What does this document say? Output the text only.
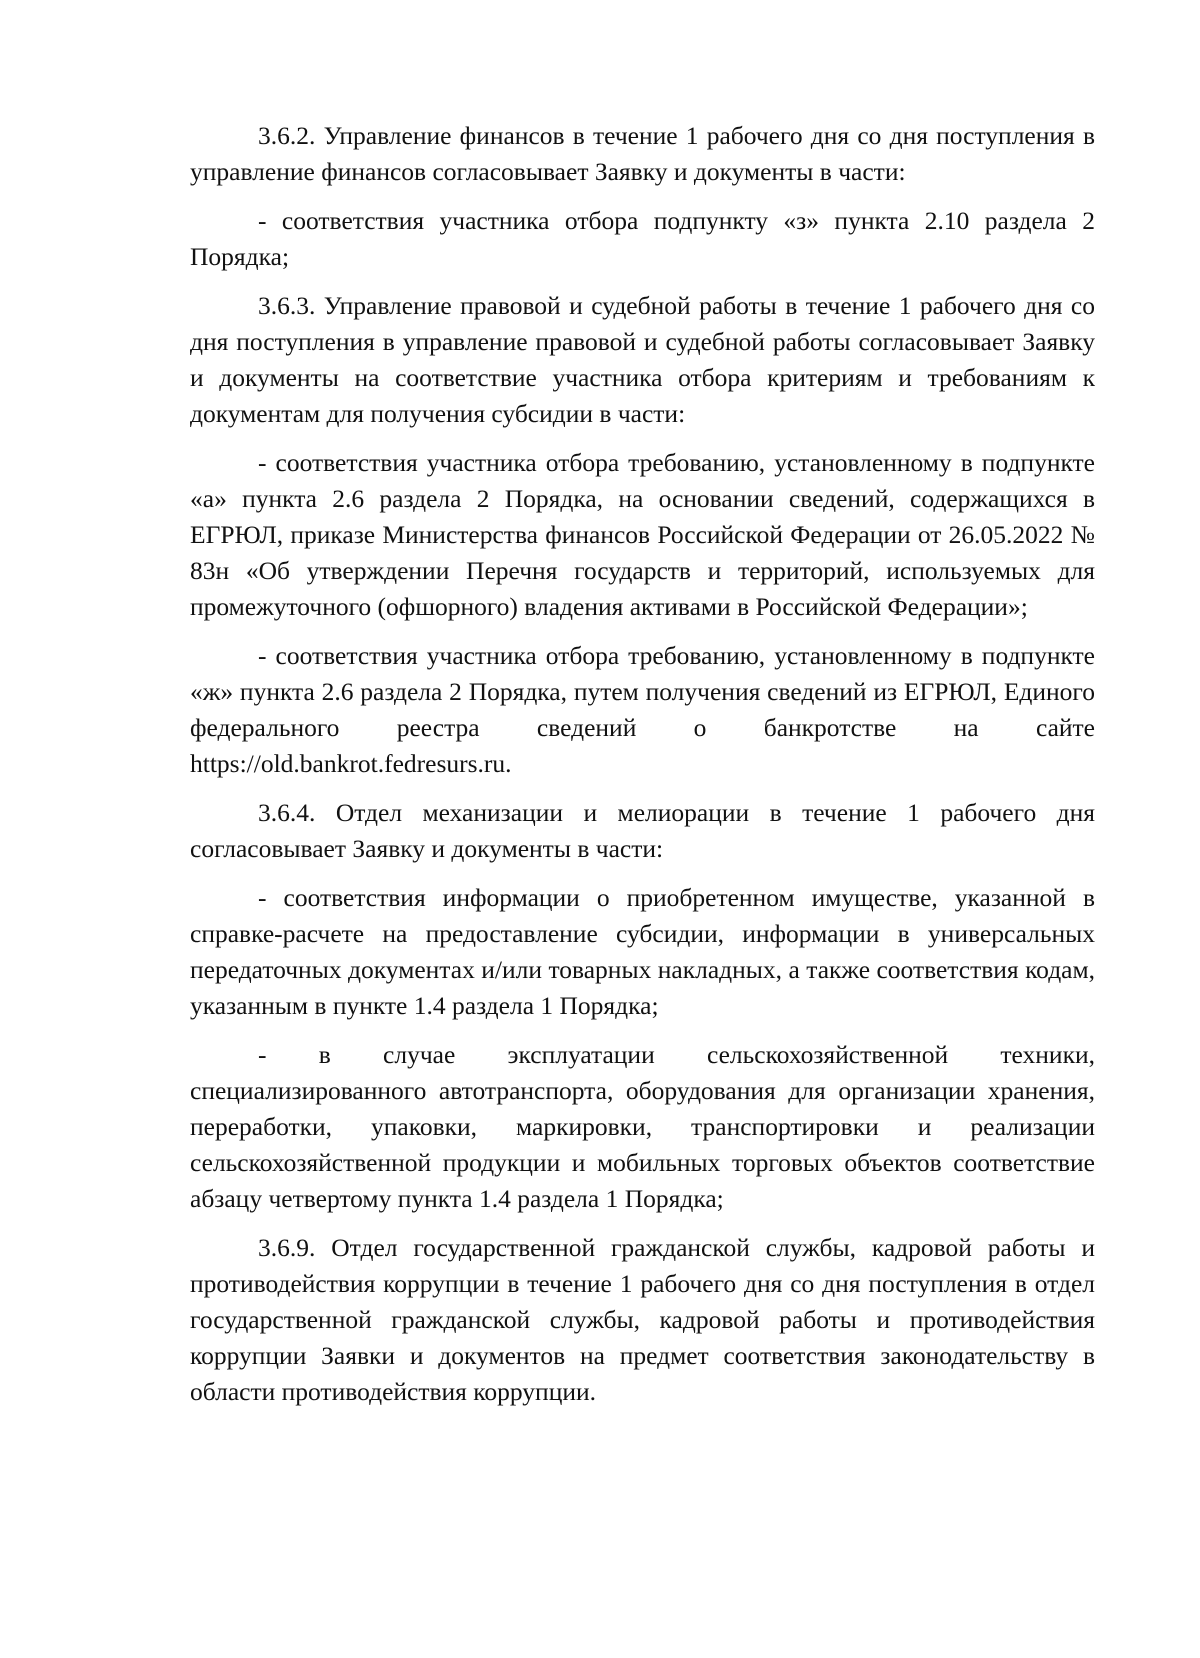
3.6.2. Управление финансов в течение 1 рабочего дня со дня поступления в управление финансов согласовывает Заявку и документы в части:

- соответствия участника отбора подпункту «з» пункта 2.10 раздела 2 Порядка;

3.6.3. Управление правовой и судебной работы в течение 1 рабочего дня со дня поступления в управление правовой и судебной работы согласовывает Заявку и документы на соответствие участника отбора критериям и требованиям к документам для получения субсидии в части:

- соответствия участника отбора требованию, установленному в подпункте «а» пункта 2.6 раздела 2 Порядка, на основании сведений, содержащихся в ЕГРЮЛ, приказе Министерства финансов Российской Федерации от 26.05.2022 № 83н «Об утверждении Перечня государств и территорий, используемых для промежуточного (офшорного) владения активами в Российской Федерации»;

- соответствия участника отбора требованию, установленному в подпункте «ж» пункта 2.6 раздела 2 Порядка, путем получения сведений из ЕГРЮЛ, Единого федерального реестра сведений о банкротстве на сайте https://old.bankrot.fedresurs.ru.

3.6.4. Отдел механизации и мелиорации в течение 1 рабочего дня согласовывает Заявку и документы в части:

- соответствия информации о приобретенном имуществе, указанной в справке-расчете на предоставление субсидии, информации в универсальных передаточных документах и/или товарных накладных, а также соответствия кодам, указанным в пункте 1.4 раздела 1 Порядка;

- в случае эксплуатации сельскохозяйственной техники, специализированного автотранспорта, оборудования для организации хранения, переработки, упаковки, маркировки, транспортировки и реализации сельскохозяйственной продукции и мобильных торговых объектов соответствие абзацу четвертому пункта 1.4 раздела 1 Порядка;

3.6.9. Отдел государственной гражданской службы, кадровой работы и противодействия коррупции в течение 1 рабочего дня со дня поступления в отдел государственной гражданской службы, кадровой работы и противодействия коррупции Заявки и документов на предмет соответствия законодательству в области противодействия коррупции.
